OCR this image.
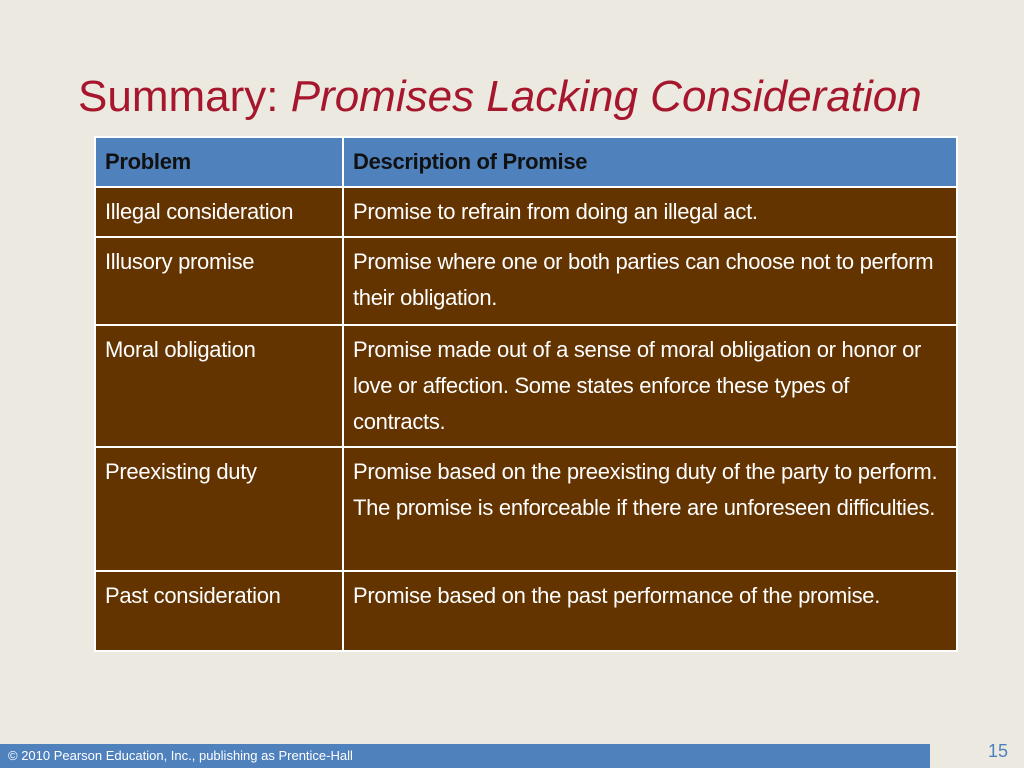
Summary: Promises Lacking Consideration
Problem	Description of Promise
Illegal consideration	Promise to refrain from doing an illegal act.
Illusory promise	Promise where one or both parties can choose not to perform their obligation.
Moral obligation	Promise made out of a sense of moral obligation or honor or love or affection. Some states enforce these types of contracts.
Preexisting duty	Promise based on the preexisting duty of the party to perform. The promise is enforceable if there are unforeseen difficulties.
Past consideration	Promise based on the past performance of the promise.
© 2010 Pearson Education, Inc., publishing as Prentice-Hall	15
